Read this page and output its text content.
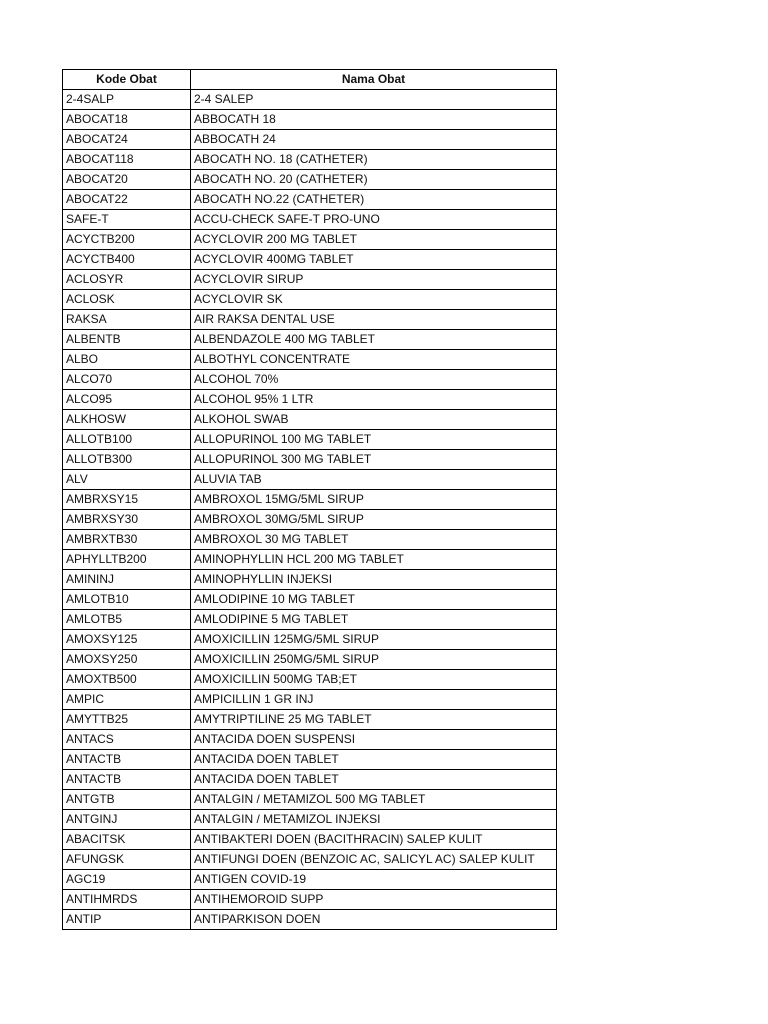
Kode Obat	Nama Obat
2-4SALP	2-4 SALEP
ABOCAT18	ABBOCATH 18
ABOCAT24	ABBOCATH 24
ABOCAT118	ABOCATH NO. 18 (CATHETER)
ABOCAT20	ABOCATH NO. 20 (CATHETER)
ABOCAT22	ABOCATH NO.22 (CATHETER)
SAFE-T	ACCU-CHECK SAFE-T PRO-UNO
ACYCTB200	ACYCLOVIR 200 MG TABLET
ACYCTB400	ACYCLOVIR 400MG TABLET
ACLOSYR	ACYCLOVIR SIRUP
ACLOSK	ACYCLOVIR SK
RAKSA	AIR RAKSA DENTAL USE
ALBENTB	ALBENDAZOLE 400 MG TABLET
ALBO	ALBOTHYL CONCENTRATE
ALCO70	ALCOHOL 70%
ALCO95	ALCOHOL 95% 1 LTR
ALKHOSW	ALKOHOL SWAB
ALLOTB100	ALLOPURINOL 100 MG TABLET
ALLOTB300	ALLOPURINOL 300 MG TABLET
ALV	ALUVIA TAB
AMBRXSY15	AMBROXOL 15MG/5ML SIRUP
AMBRXSY30	AMBROXOL 30MG/5ML SIRUP
AMBRXTB30	AMBROXOL 30 MG TABLET
APHYLLTB200	AMINOPHYLLIN HCL 200 MG TABLET
AMININJ	AMINOPHYLLIN INJEKSI
AMLOTB10	AMLODIPINE 10 MG TABLET
AMLOTB5	AMLODIPINE 5 MG TABLET
AMOXSY125	AMOXICILLIN 125MG/5ML SIRUP
AMOXSY250	AMOXICILLIN 250MG/5ML SIRUP
AMOXTB500	AMOXICILLIN 500MG TAB;ET
AMPIC	AMPICILLIN 1 GR INJ
AMYTTB25	AMYTRIPTILINE 25 MG TABLET
ANTACS	ANTACIDA DOEN SUSPENSI
ANTACTB	ANTACIDA DOEN TABLET
ANTACTB	ANTACIDA DOEN TABLET
ANTGTB	ANTALGIN / METAMIZOL 500 MG TABLET
ANTGINJ	ANTALGIN / METAMIZOL INJEKSI
ABACITSK	ANTIBAKTERI DOEN (BACITHRACIN) SALEP KULIT
AFUNGSK	ANTIFUNGI DOEN (BENZOIC AC, SALICYL AC) SALEP KULIT
AGC19	ANTIGEN COVID-19
ANTIHMRDS	ANTIHEMOROID SUPP
ANTIP	ANTIPARKISON DOEN
